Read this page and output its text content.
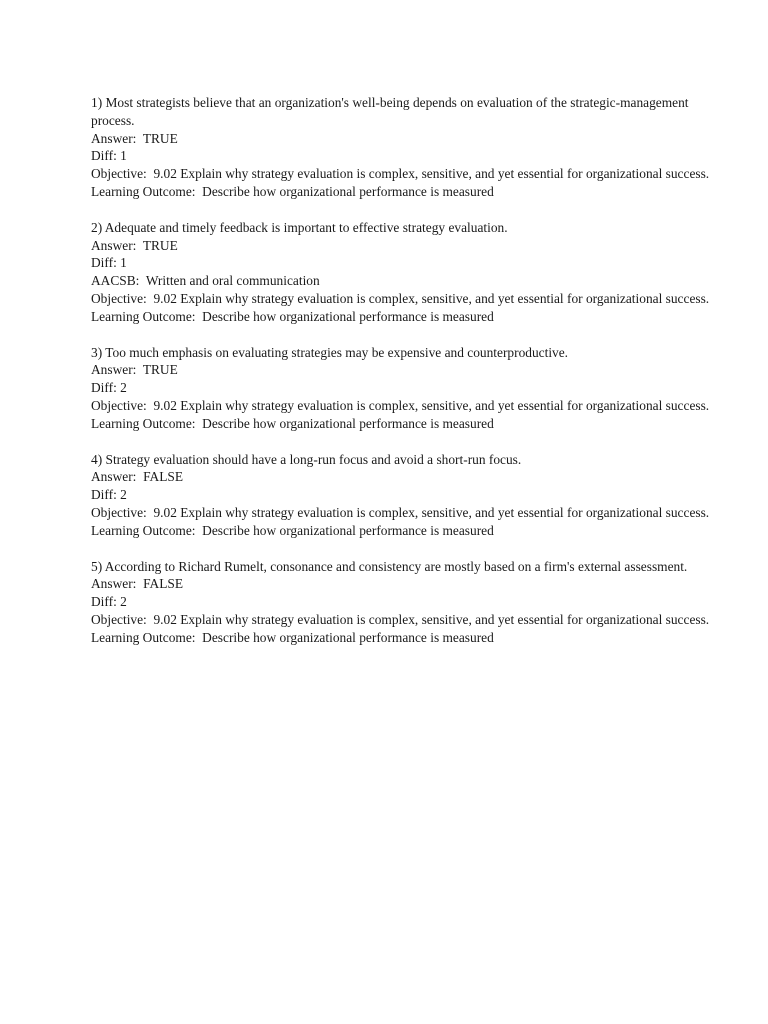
1) Most strategists believe that an organization's well-being depends on evaluation of the strategic-management process.
Answer:  TRUE
Diff: 1
Objective:  9.02 Explain why strategy evaluation is complex, sensitive, and yet essential for organizational success.
Learning Outcome:  Describe how organizational performance is measured
2) Adequate and timely feedback is important to effective strategy evaluation.
Answer:  TRUE
Diff: 1
AACSB:  Written and oral communication
Objective:  9.02 Explain why strategy evaluation is complex, sensitive, and yet essential for organizational success.
Learning Outcome:  Describe how organizational performance is measured
3) Too much emphasis on evaluating strategies may be expensive and counterproductive.
Answer:  TRUE
Diff: 2
Objective:  9.02 Explain why strategy evaluation is complex, sensitive, and yet essential for organizational success.
Learning Outcome:  Describe how organizational performance is measured
4) Strategy evaluation should have a long-run focus and avoid a short-run focus.
Answer:  FALSE
Diff: 2
Objective:  9.02 Explain why strategy evaluation is complex, sensitive, and yet essential for organizational success.
Learning Outcome:  Describe how organizational performance is measured
5) According to Richard Rumelt, consonance and consistency are mostly based on a firm's external assessment.
Answer:  FALSE
Diff: 2
Objective:  9.02 Explain why strategy evaluation is complex, sensitive, and yet essential for organizational success.
Learning Outcome:  Describe how organizational performance is measured
